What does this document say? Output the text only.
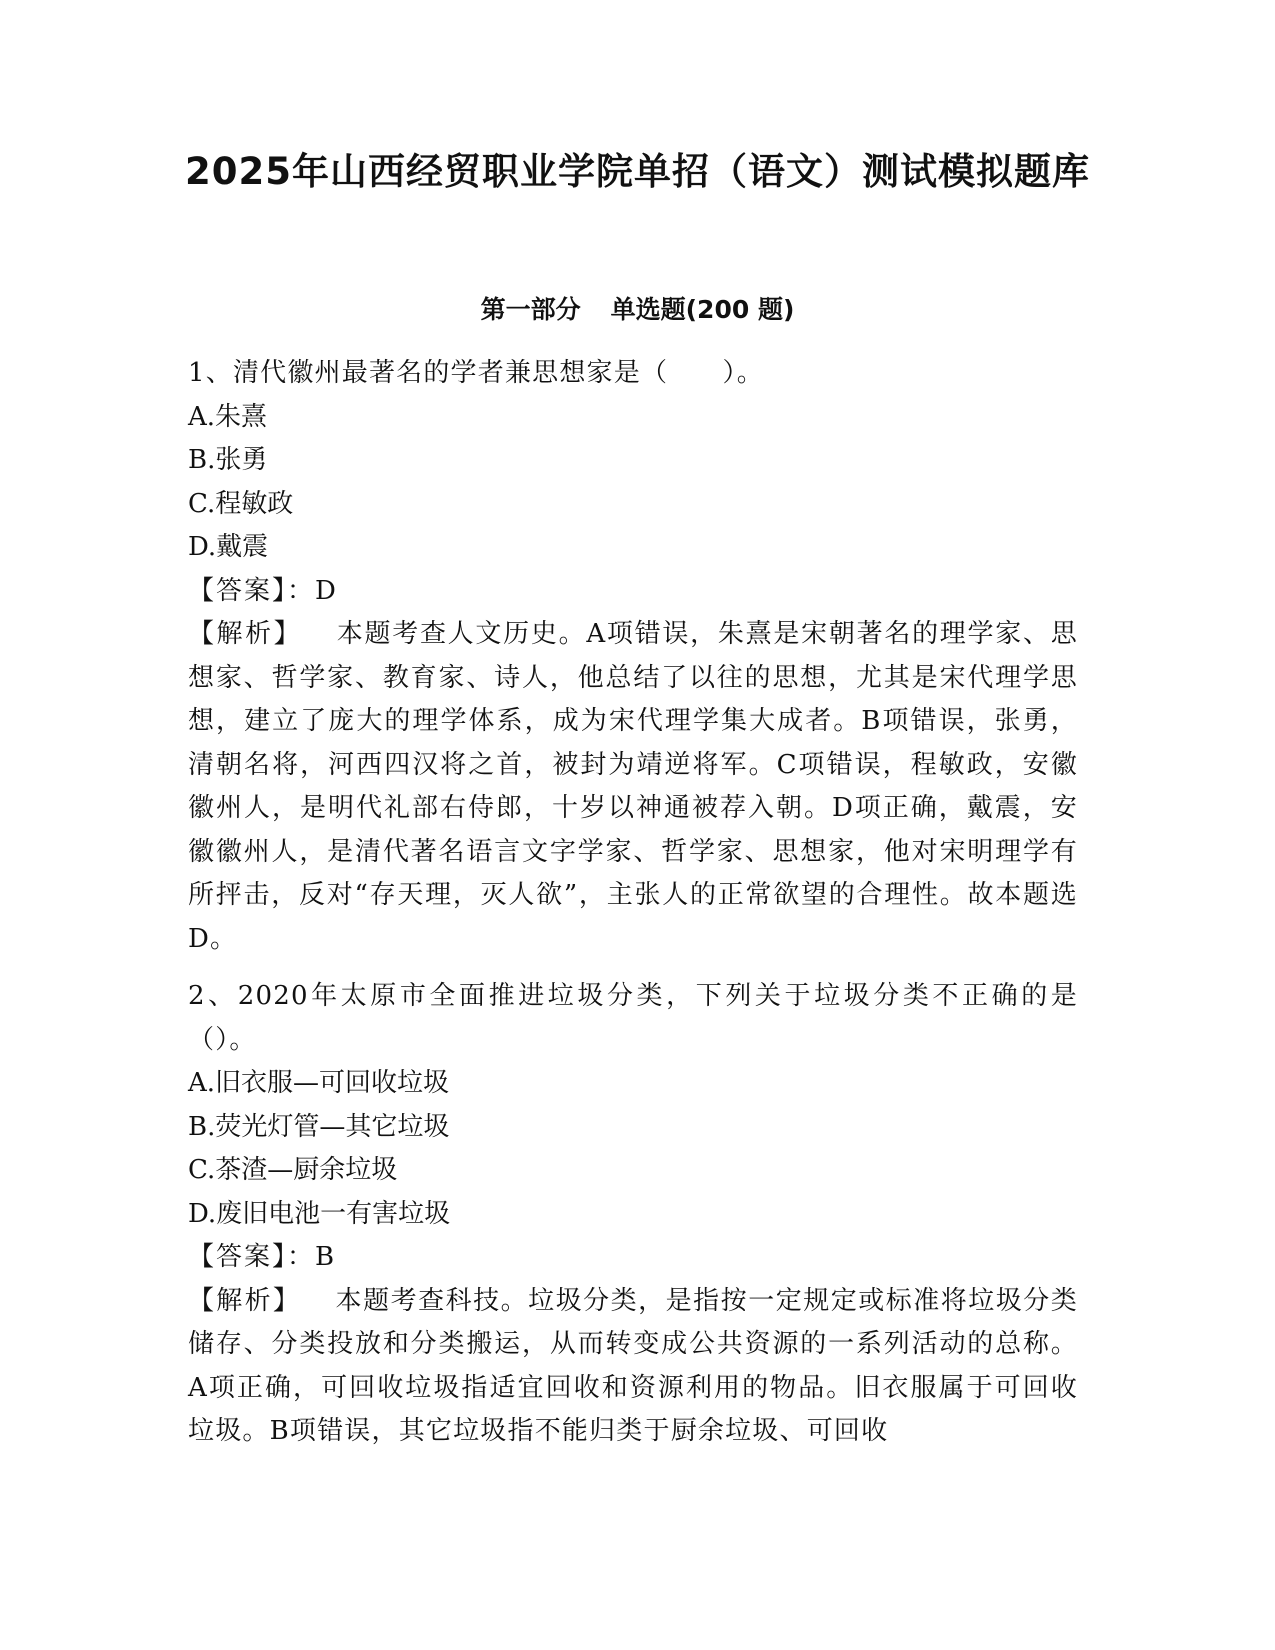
2025年山西经贸职业学院单招（语文）测试模拟题库
第一部分 单选题(200 题)

1、清代徽州最著名的学者兼思想家是（　　）。

A.朱熹

B.张勇

C.程敏政

D.戴震

【答案】：D

【解析】 本题考查人文历史。A项错误，朱熹是宋朝著名的理学家、思想家、哲学家、教育家、诗人，他总结了以往的思想，尤其是宋代理学思想，建立了庞大的理学体系，成为宋代理学集大成者。B项错误，张勇，清朝名将，河西四汉将之首，被封为靖逆将军。C项错误，程敏政，安徽徽州人，是明代礼部右侍郎，十岁以神通被荐入朝。D项正确，戴震，安徽徽州人，是清代著名语言文字学家、哲学家、思想家，他对宋明理学有所抨击，反对“存天理，灭人欲”，主张人的正常欲望的合理性。故本题选D。

2、2020年太原市全面推进垃圾分类，下列关于垃圾分类不正确的是（）。

A.旧衣服—可回收垃圾

B.荧光灯管—其它垃圾

C.茶渣—厨余垃圾

D.废旧电池一有害垃圾

【答案】：B

【解析】 本题考查科技。垃圾分类，是指按一定规定或标准将垃圾分类储存、分类投放和分类搬运，从而转变成公共资源的一系列活动的总称。A项正确，可回收垃圾指适宜回收和资源利用的物品。旧衣服属于可回收垃圾。B项错误，其它垃圾指不能归类于厨余垃圾、可回收
